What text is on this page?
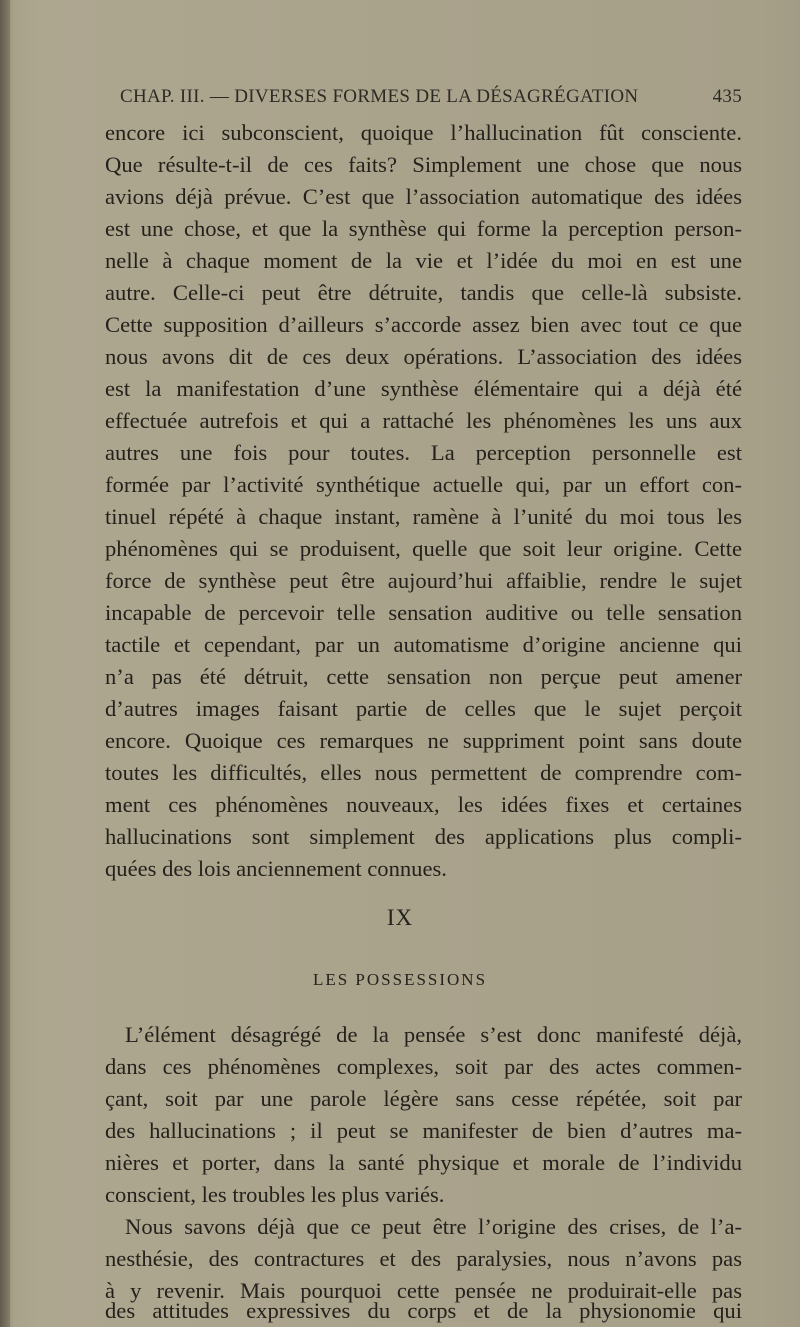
CHAP. III. — DIVERSES FORMES DE LA DÉSAGRÉGATION	435
encore ici subconscient, quoique l’hallucination fût consciente.
Que résulte-t-il de ces faits? Simplement une chose que nous
avions déjà prévue. C’est que l’association automatique des idées
est une chose, et que la synthèse qui forme la perception person-
nelle à chaque moment de la vie et l’idée du moi en est une
autre. Celle-ci peut être détruite, tandis que celle-là subsiste.
Cette supposition d’ailleurs s’accorde assez bien avec tout ce que
nous avons dit de ces deux opérations. L’association des idées
est la manifestation d’une synthèse élémentaire qui a déjà été
effectuée autrefois et qui a rattaché les phénomènes les uns aux
autres une fois pour toutes. La perception personnelle est
formée par l’activité synthétique actuelle qui, par un effort con-
tinuel répété à chaque instant, ramène à l’unité du moi tous les
phénomènes qui se produisent, quelle que soit leur origine. Cette
force de synthèse peut être aujourd’hui affaiblie, rendre le sujet
incapable de percevoir telle sensation auditive ou telle sensation
tactile et cependant, par un automatisme d’origine ancienne qui
n’a pas été détruit, cette sensation non perçue peut amener
d’autres images faisant partie de celles que le sujet perçoit
encore. Quoique ces remarques ne suppriment point sans doute
toutes les difficultés, elles nous permettent de comprendre com-
ment ces phénomènes nouveaux, les idées fixes et certaines
hallucinations sont simplement des applications plus compli-
quées des lois anciennement connues.
IX
LES POSSESSIONS
L’élément désagrégé de la pensée s’est donc manifesté déjà,
dans ces phénomènes complexes, soit par des actes commen-
çant, soit par une parole légère sans cesse répétée, soit par
des hallucinations ; il peut se manifester de bien d’autres ma-
nières et porter, dans la santé physique et morale de l’individu
conscient, les troubles les plus variés.
Nous savons déjà que ce peut être l’origine des crises, de l’a-
nesthésie, des contractures et des paralysies, nous n’avons pas
à y revenir. Mais pourquoi cette pensée ne produirait-elle pas
des attitudes expressives du corps et de la physionomie qui
